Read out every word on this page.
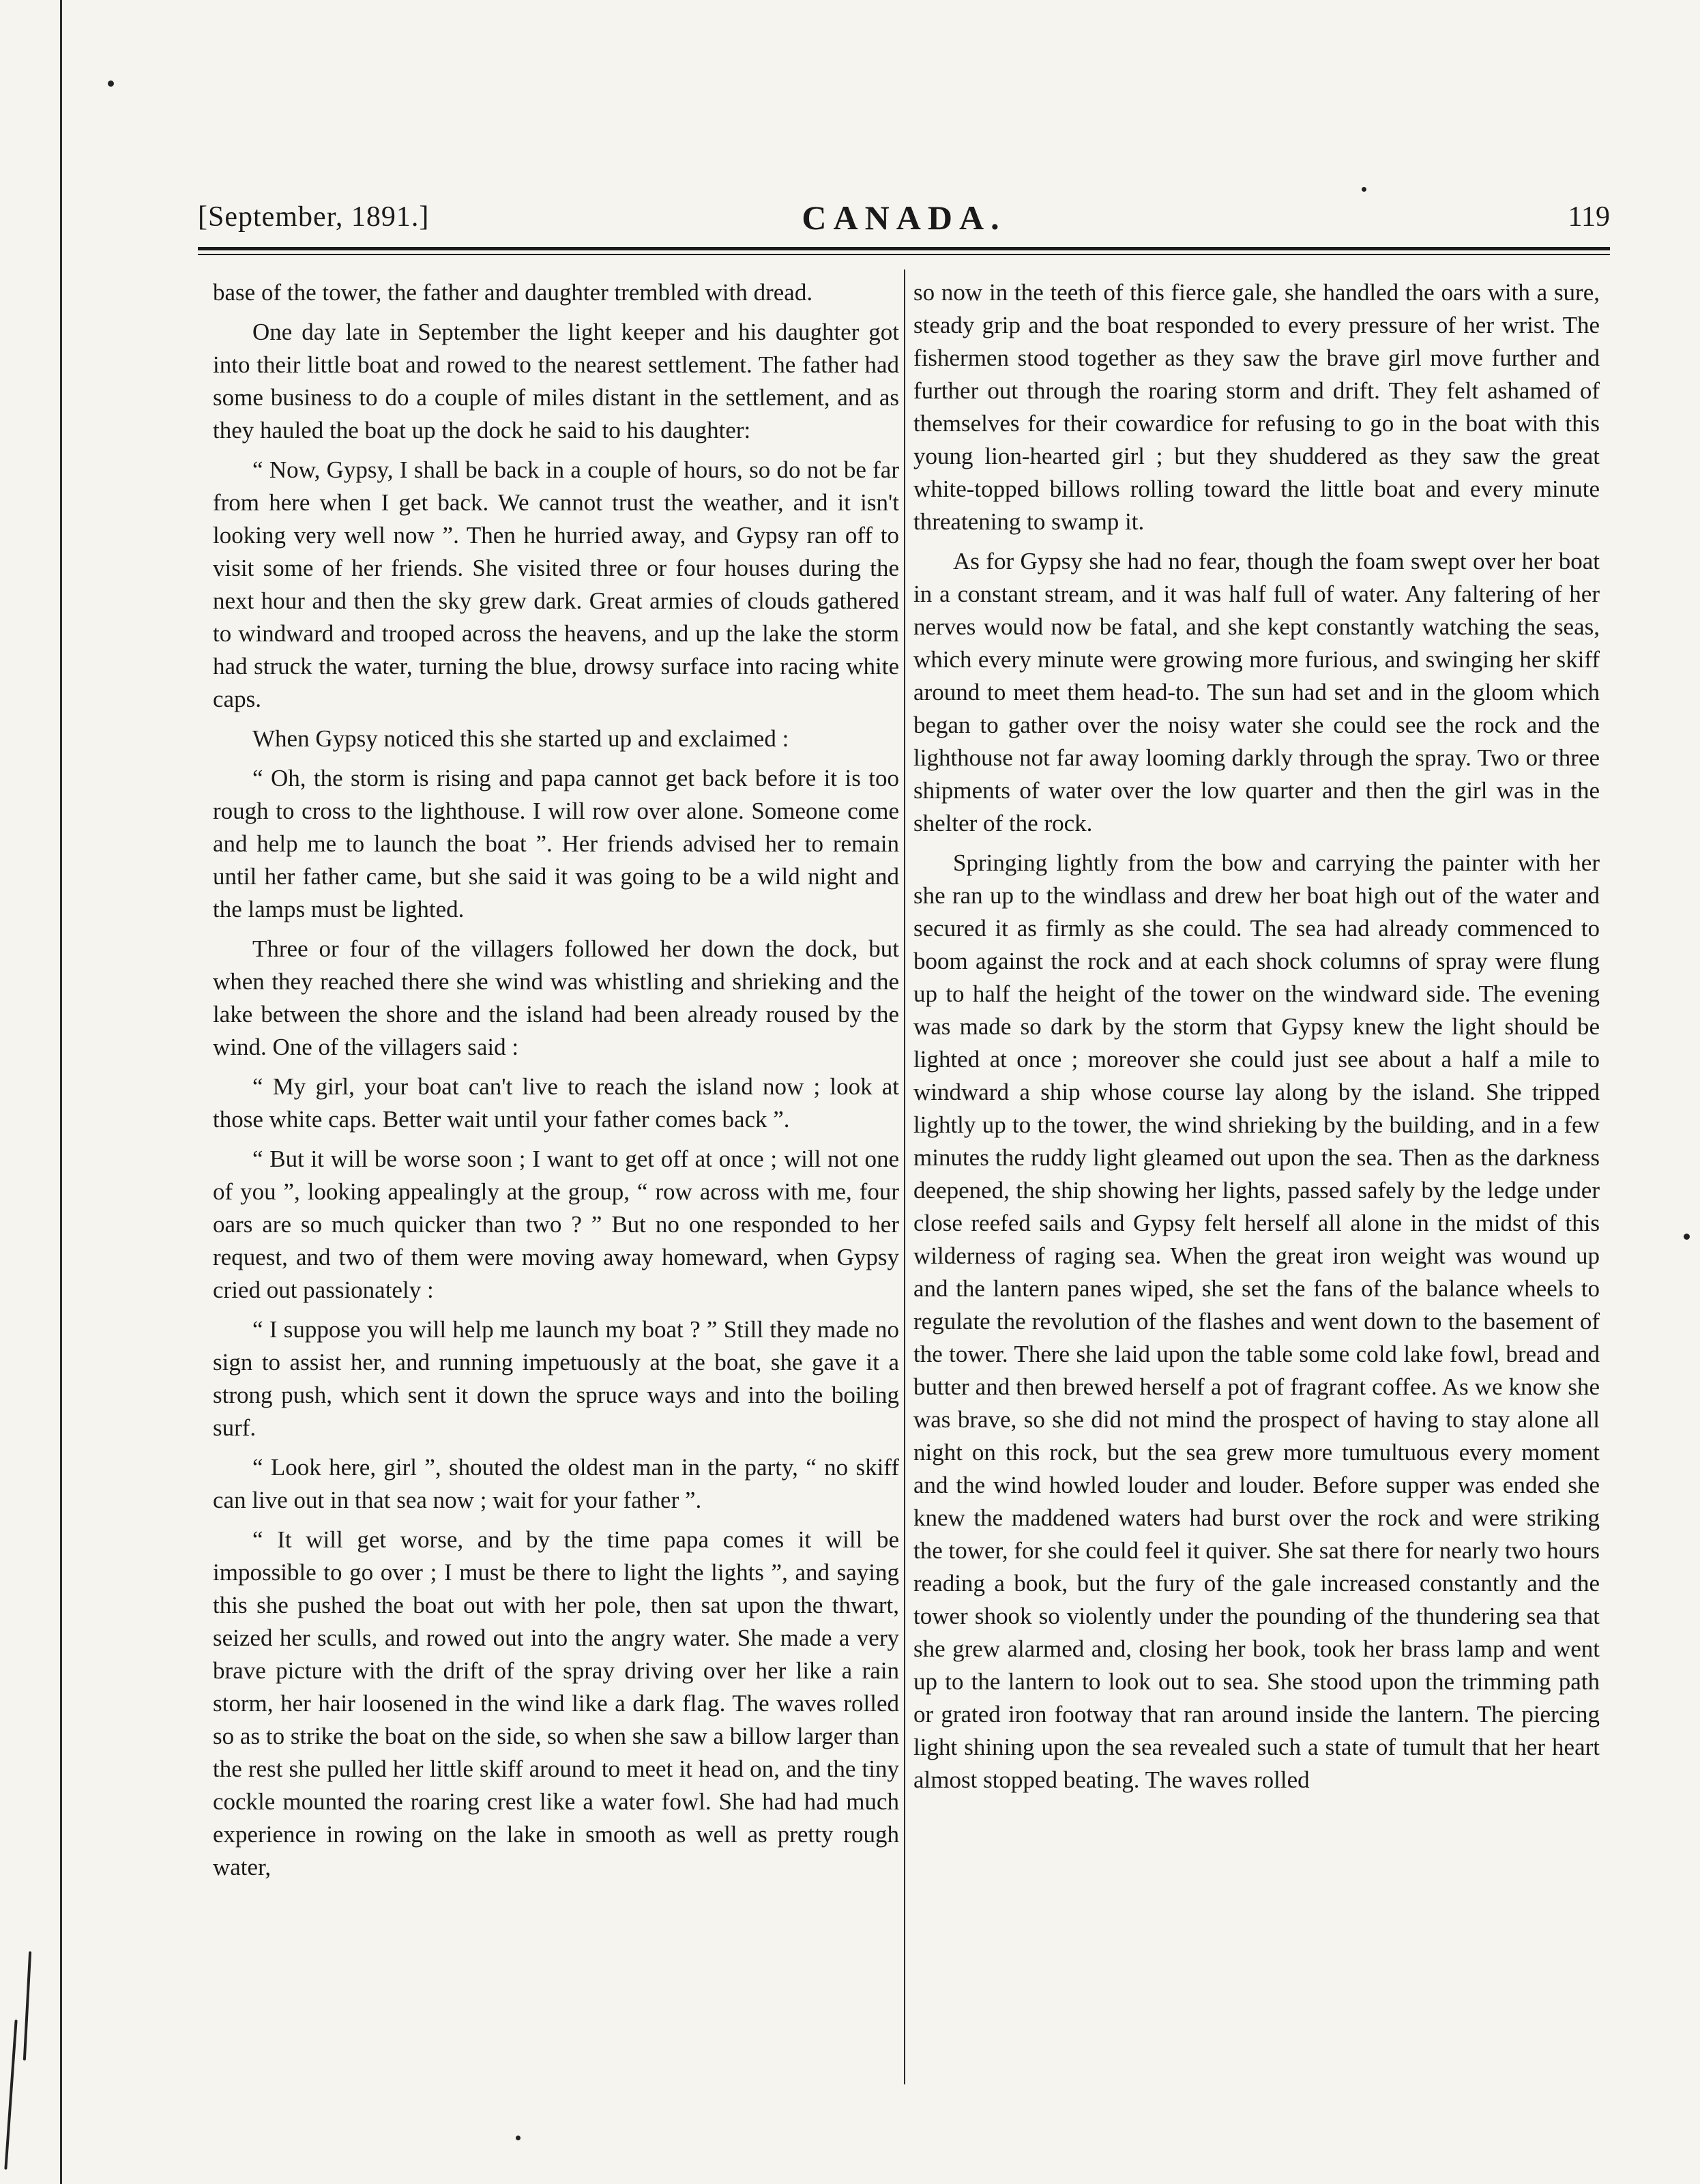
[September, 1891.]	CANADA.	119

base of the tower, the father and daughter trembled with dread.

One day late in September the light keeper and his daughter got into their little boat and rowed to the nearest settlement. The father had some business to do a couple of miles distant in the settlement, and as they hauled the boat up the dock he said to his daughter:

“ Now, Gypsy, I shall be back in a couple of hours, so do not be far from here when I get back. We cannot trust the weather, and it isn't looking very well now ”. Then he hurried away, and Gypsy ran off to visit some of her friends. She visited three or four houses during the next hour and then the sky grew dark. Great armies of clouds gathered to windward and trooped across the heavens, and up the lake the storm had struck the water, turning the blue, drowsy surface into racing white caps.

When Gypsy noticed this she started up and exclaimed :

“ Oh, the storm is rising and papa cannot get back before it is too rough to cross to the lighthouse. I will row over alone. Someone come and help me to launch the boat ”. Her friends advised her to remain until her father came, but she said it was going to be a wild night and the lamps must be lighted.

Three or four of the villagers followed her down the dock, but when they reached there she wind was whistling and shrieking and the lake between the shore and the island had been already roused by the wind. One of the villagers said :

“ My girl, your boat can't live to reach the island now ; look at those white caps. Better wait until your father comes back ”.

“ But it will be worse soon ; I want to get off at once ; will not one of you ”, looking appealingly at the group, “ row across with me, four oars are so much quicker than two ? ” But no one responded to her request, and two of them were moving away homeward, when Gypsy cried out passionately :

“ I suppose you will help me launch my boat ? ” Still they made no sign to assist her, and running impetuously at the boat, she gave it a strong push, which sent it down the spruce ways and into the boiling surf.

“ Look here, girl ”, shouted the oldest man in the party, “ no skiff can live out in that sea now ; wait for your father ”.

“ It will get worse, and by the time papa comes it will be impossible to go over ; I must be there to light the lights ”, and saying this she pushed the boat out with her pole, then sat upon the thwart, seized her sculls, and rowed out into the angry water. She made a very brave picture with the drift of the spray driving over her like a rain storm, her hair loosened in the wind like a dark flag. The waves rolled so as to strike the boat on the side, so when she saw a billow larger than the rest she pulled her little skiff around to meet it head on, and the tiny cockle mounted the roaring crest like a water fowl. She had had much experience in rowing on the lake in smooth as well as pretty rough water,

so now in the teeth of this fierce gale, she handled the oars with a sure, steady grip and the boat responded to every pressure of her wrist. The fishermen stood together as they saw the brave girl move further and further out through the roaring storm and drift. They felt ashamed of themselves for their cowardice for refusing to go in the boat with this young lion-hearted girl ; but they shuddered as they saw the great white-topped billows rolling toward the little boat and every minute threatening to swamp it.

As for Gypsy she had no fear, though the foam swept over her boat in a constant stream, and it was half full of water. Any faltering of her nerves would now be fatal, and she kept constantly watching the seas, which every minute were growing more furious, and swinging her skiff around to meet them head-to. The sun had set and in the gloom which began to gather over the noisy water she could see the rock and the lighthouse not far away looming darkly through the spray. Two or three shipments of water over the low quarter and then the girl was in the shelter of the rock.

Springing lightly from the bow and carrying the painter with her she ran up to the windlass and drew her boat high out of the water and secured it as firmly as she could. The sea had already commenced to boom against the rock and at each shock columns of spray were flung up to half the height of the tower on the windward side. The evening was made so dark by the storm that Gypsy knew the light should be lighted at once ; moreover she could just see about a half a mile to windward a ship whose course lay along by the island. She tripped lightly up to the tower, the wind shrieking by the building, and in a few minutes the ruddy light gleamed out upon the sea. Then as the darkness deepened, the ship showing her lights, passed safely by the ledge under close reefed sails and Gypsy felt herself all alone in the midst of this wilderness of raging sea. When the great iron weight was wound up and the lantern panes wiped, she set the fans of the balance wheels to regulate the revolution of the flashes and went down to the basement of the tower. There she laid upon the table some cold lake fowl, bread and butter and then brewed herself a pot of fragrant coffee. As we know she was brave, so she did not mind the prospect of having to stay alone all night on this rock, but the sea grew more tumultuous every moment and the wind howled louder and louder. Before supper was ended she knew the maddened waters had burst over the rock and were striking the tower, for she could feel it quiver. She sat there for nearly two hours reading a book, but the fury of the gale increased constantly and the tower shook so violently under the pounding of the thundering sea that she grew alarmed and, closing her book, took her brass lamp and went up to the lantern to look out to sea. She stood upon the trimming path or grated iron footway that ran around inside the lantern. The piercing light shining upon the sea revealed such a state of tumult that her heart almost stopped beating. The waves rolled
